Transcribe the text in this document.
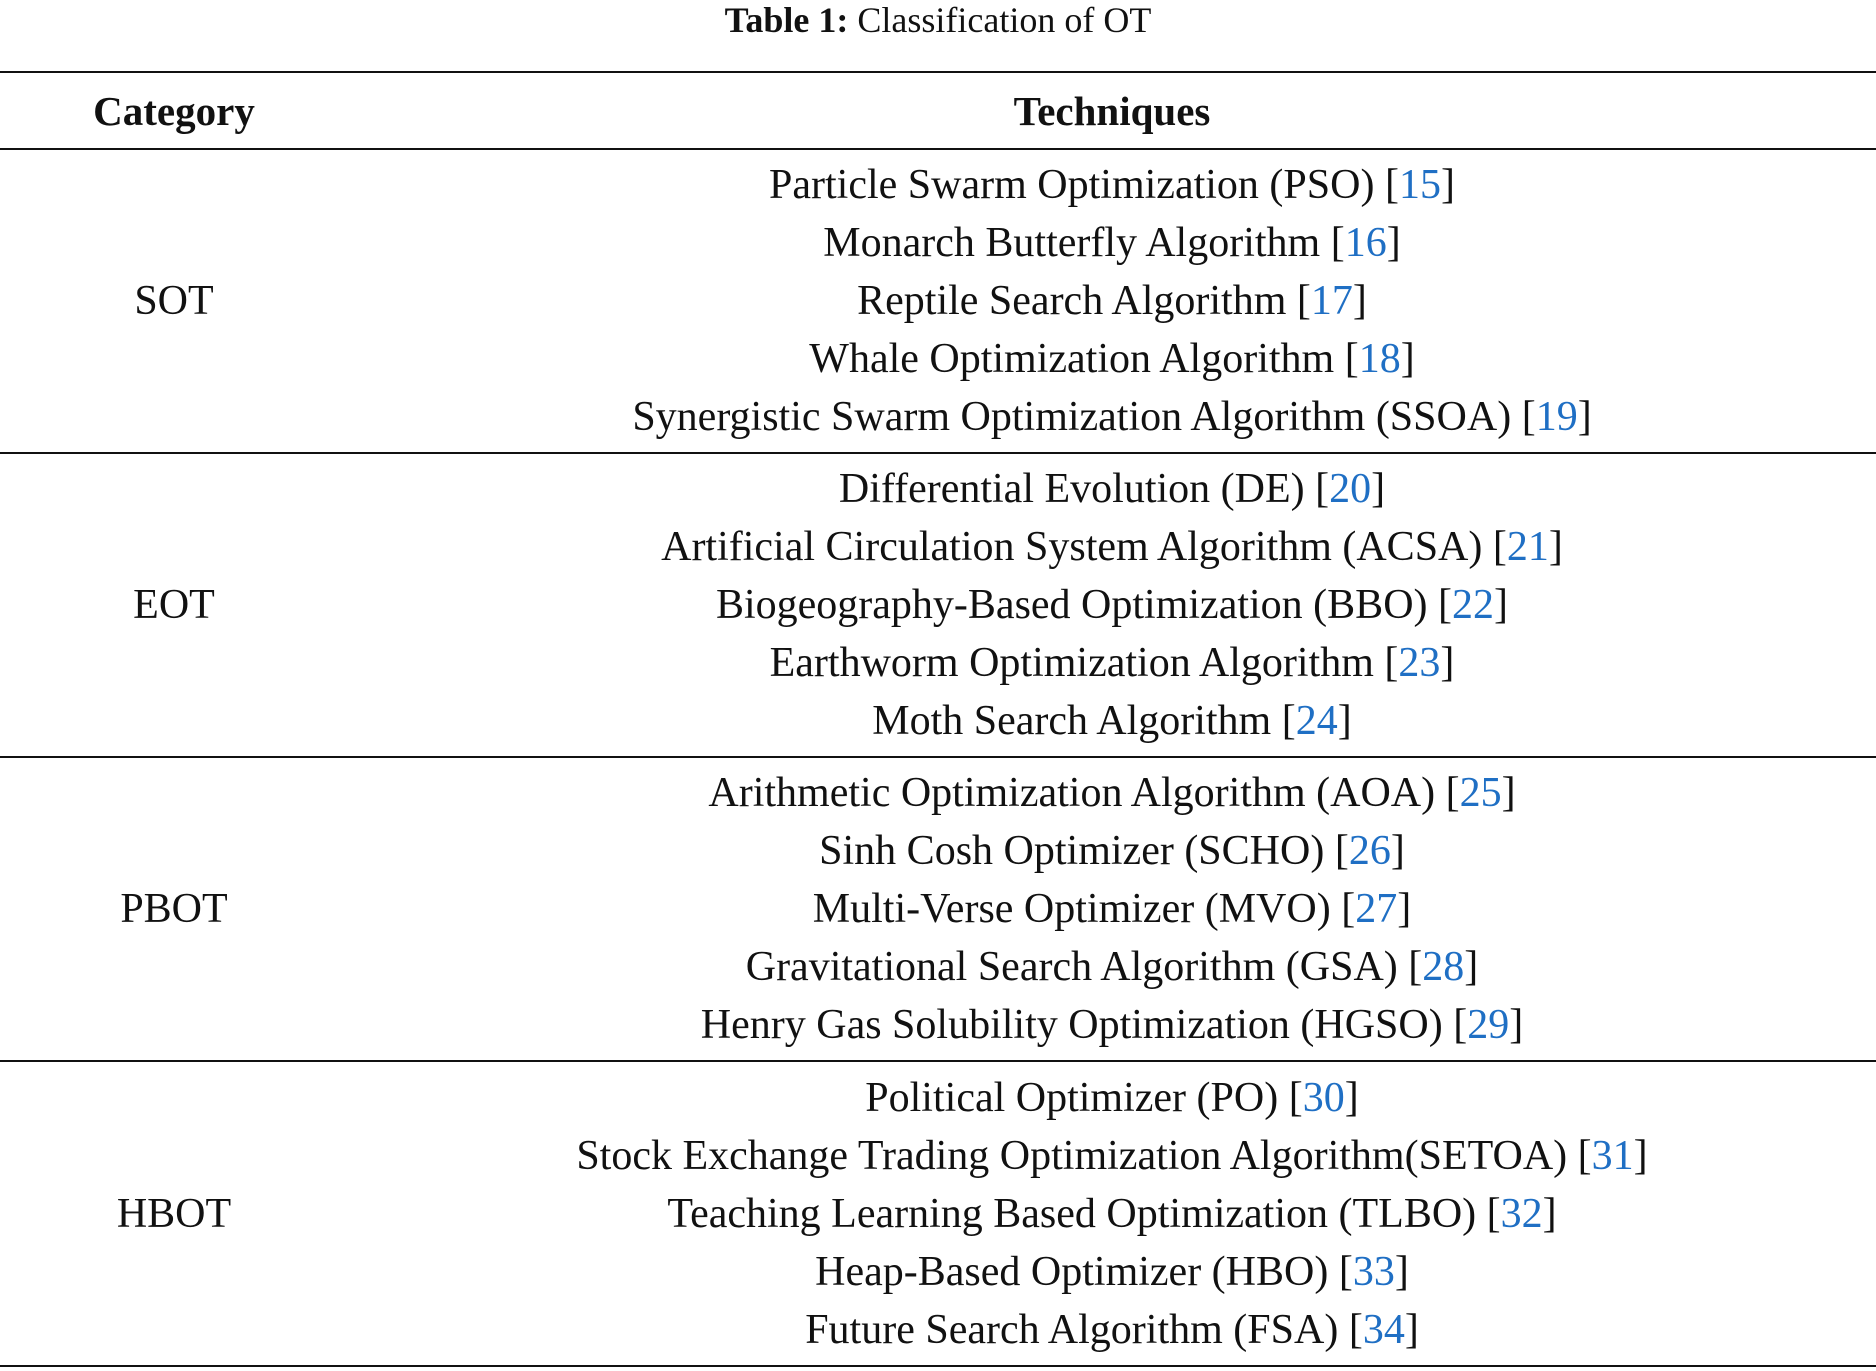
Table 1: Classification of OT
Category	Techniques
SOT
Particle Swarm Optimization (PSO) [15]
Monarch Butterfly Algorithm [16]
Reptile Search Algorithm [17]
Whale Optimization Algorithm [18]
Synergistic Swarm Optimization Algorithm (SSOA) [19]
EOT
Differential Evolution (DE) [20]
Artificial Circulation System Algorithm (ACSA) [21]
Biogeography-Based Optimization (BBO) [22]
Earthworm Optimization Algorithm [23]
Moth Search Algorithm [24]
PBOT
Arithmetic Optimization Algorithm (AOA) [25]
Sinh Cosh Optimizer (SCHO) [26]
Multi-Verse Optimizer (MVO) [27]
Gravitational Search Algorithm (GSA) [28]
Henry Gas Solubility Optimization (HGSO) [29]
HBOT
Political Optimizer (PO) [30]
Stock Exchange Trading Optimization Algorithm(SETOA) [31]
Teaching Learning Based Optimization (TLBO) [32]
Heap-Based Optimizer (HBO) [33]
Future Search Algorithm (FSA) [34]
